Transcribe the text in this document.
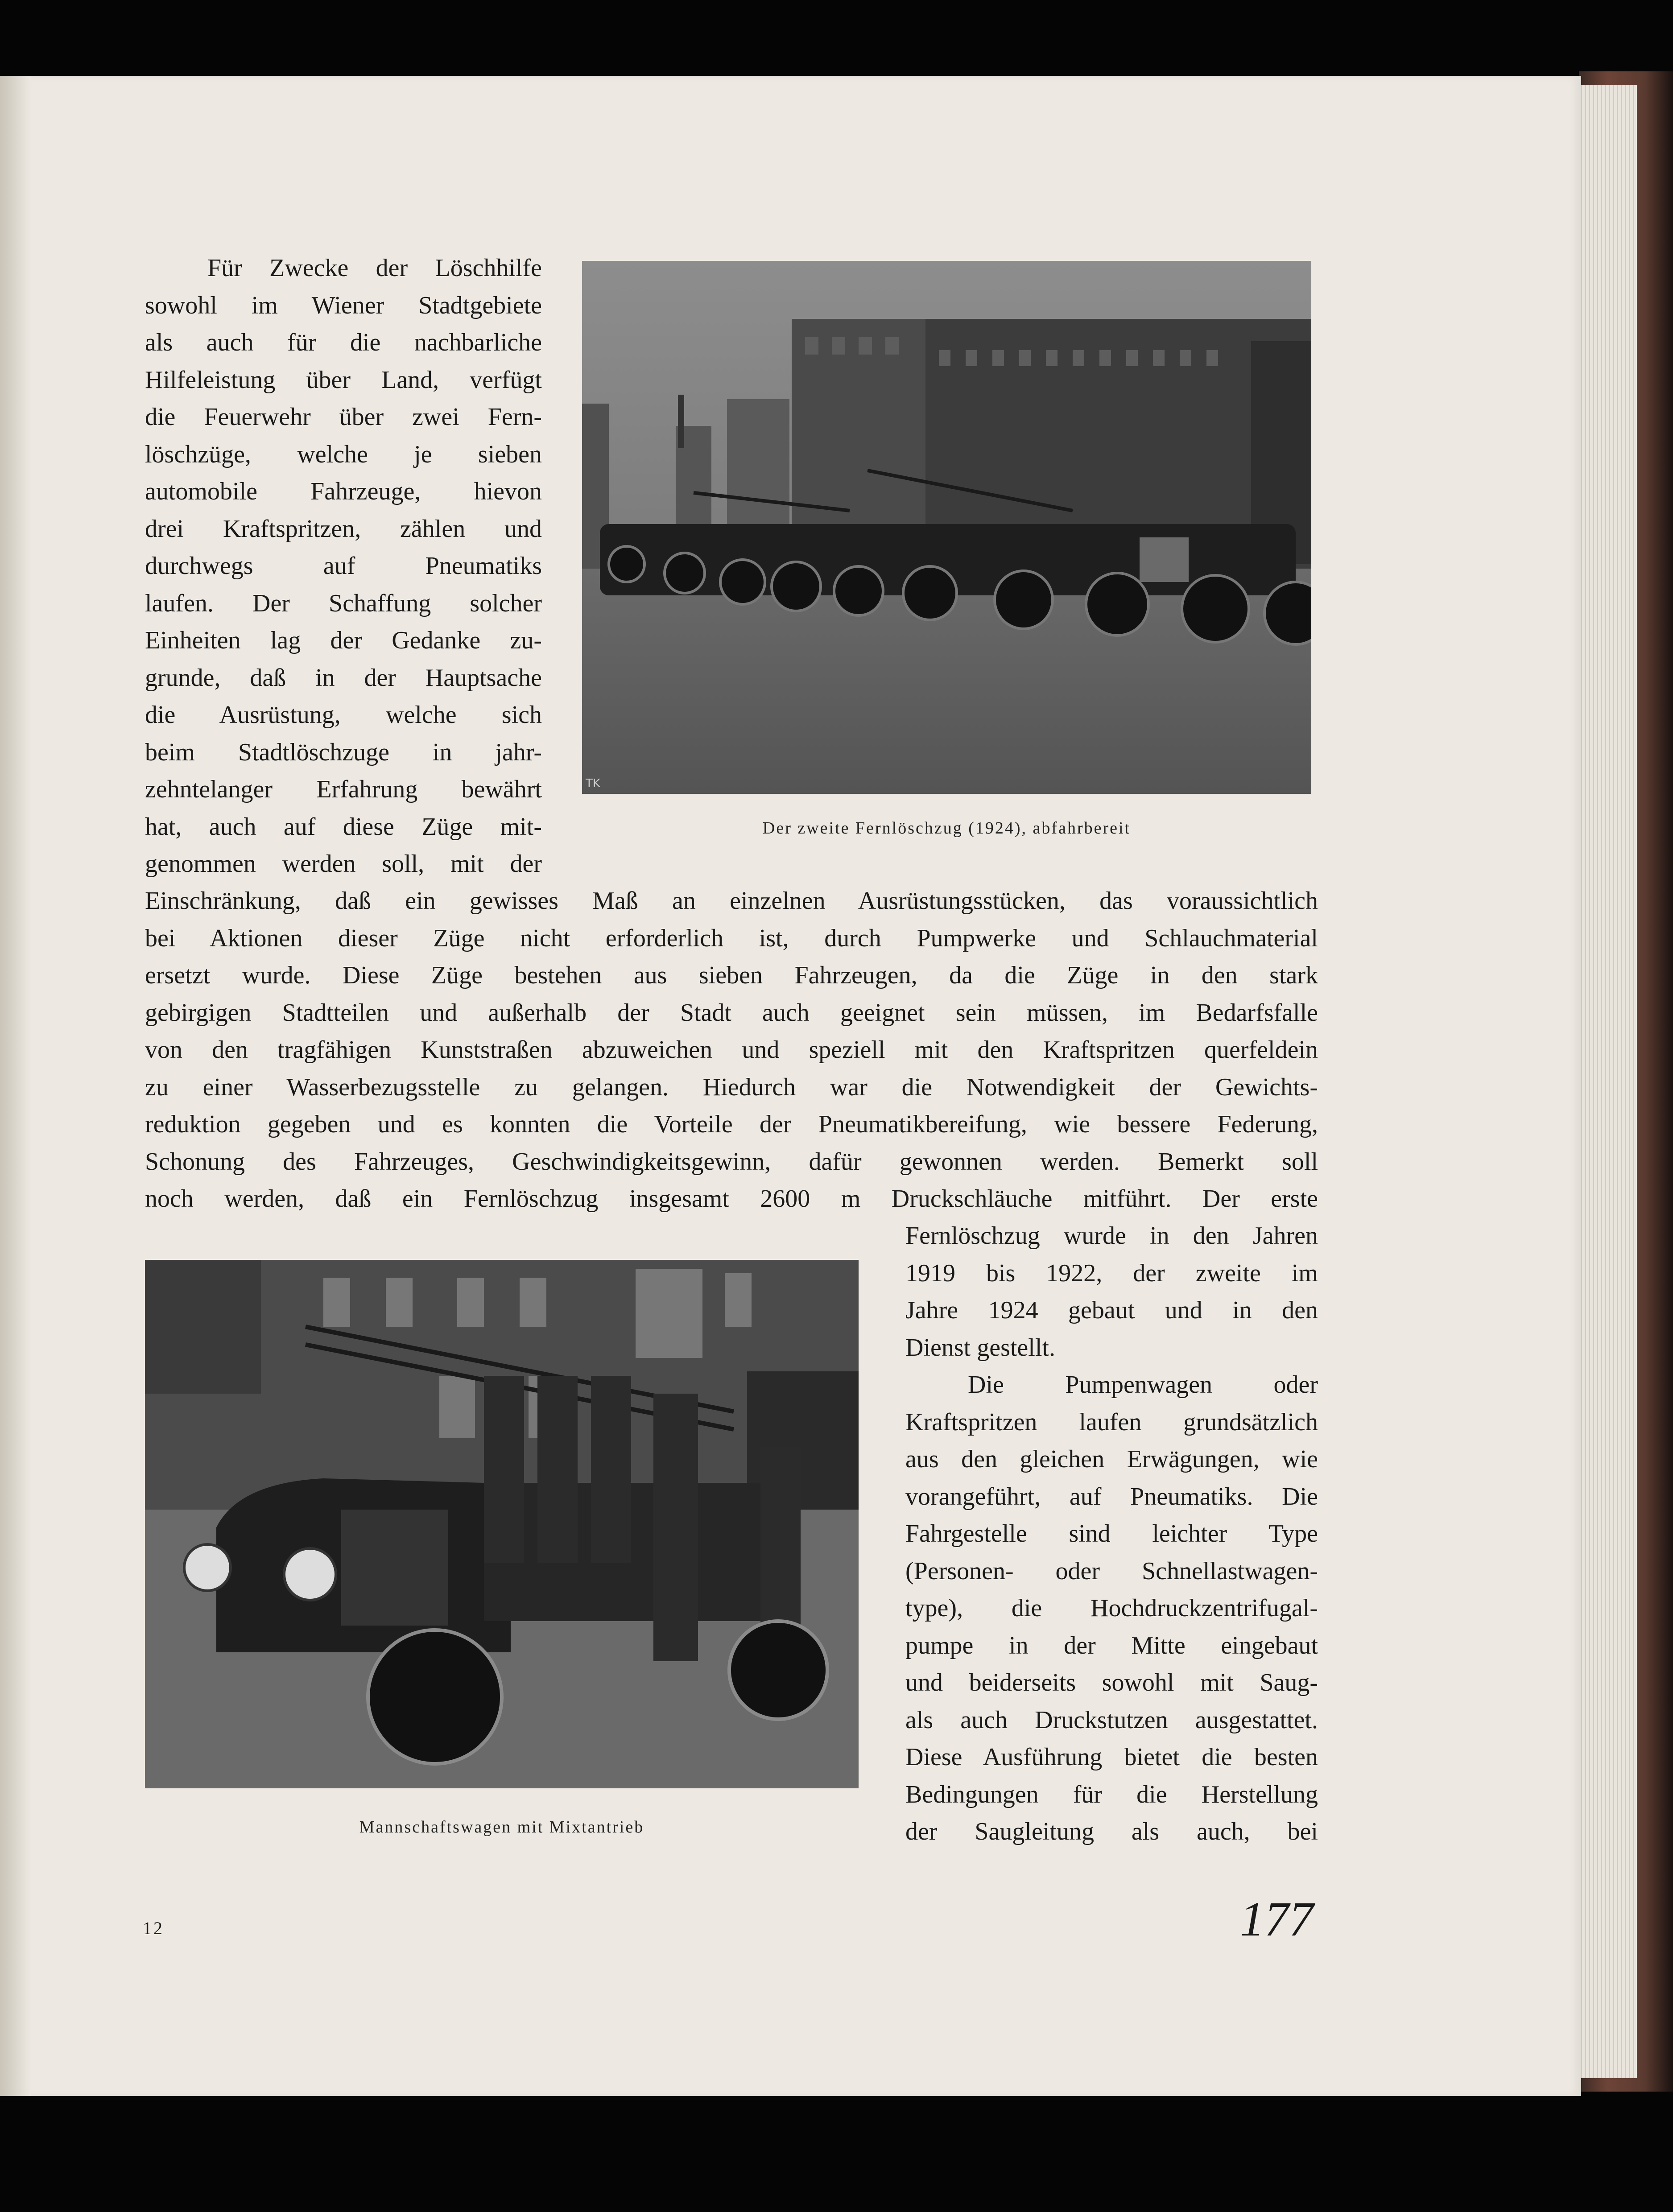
TK
Der zweite Fernlöschzug (1924), abfahrbereit
Mannschaftswagen mit Mixtantrieb
Für Zwecke der Löschhilfe
sowohl im Wiener Stadtgebiete
als auch für die nachbarliche
Hilfeleistung über Land, verfügt
die Feuerwehr über zwei Fern-
löschzüge, welche je sieben
automobile Fahrzeuge, hievon
drei Kraftspritzen, zählen und
durchwegs auf Pneumatiks
laufen. Der Schaffung solcher
Einheiten lag der Gedanke zu-
grunde, daß in der Hauptsache
die Ausrüstung, welche sich
beim Stadtlöschzuge in jahr-
zehntelanger Erfahrung bewährt
hat, auch auf diese Züge mit-
genommen werden soll, mit der
Einschränkung, daß ein gewisses Maß an einzelnen Ausrüstungsstücken, das voraussichtlich
bei Aktionen dieser Züge nicht erforderlich ist, durch Pumpwerke und Schlauchmaterial
ersetzt wurde. Diese Züge bestehen aus sieben Fahrzeugen, da die Züge in den stark
gebirgigen Stadtteilen und außerhalb der Stadt auch geeignet sein müssen, im Bedarfsfalle
von den tragfähigen Kunststraßen abzuweichen und speziell mit den Kraftspritzen querfeldein
zu einer Wasserbezugsstelle zu gelangen. Hiedurch war die Notwendigkeit der Gewichts-
reduktion gegeben und es konnten die Vorteile der Pneumatikbereifung, wie bessere Federung,
Schonung des Fahrzeuges, Geschwindigkeitsgewinn, dafür gewonnen werden. Bemerkt soll
noch werden, daß ein Fernlöschzug insgesamt 2600 m Druckschläuche mitführt. Der erste
Fernlöschzug wurde in den Jahren
1919 bis 1922, der zweite im
Jahre 1924 gebaut und in den
Dienst gestellt.
Die Pumpenwagen oder
Kraftspritzen laufen grundsätzlich
aus den gleichen Erwägungen, wie
vorangeführt, auf Pneumatiks. Die
Fahrgestelle sind leichter Type
(Personen- oder Schnellastwagen-
type), die Hochdruckzentrifugal-
pumpe in der Mitte eingebaut
und beiderseits sowohl mit Saug-
als auch Druckstutzen ausgestattet.
Diese Ausführung bietet die besten
Bedingungen für die Herstellung
der Saugleitung als auch, bei
12	177
